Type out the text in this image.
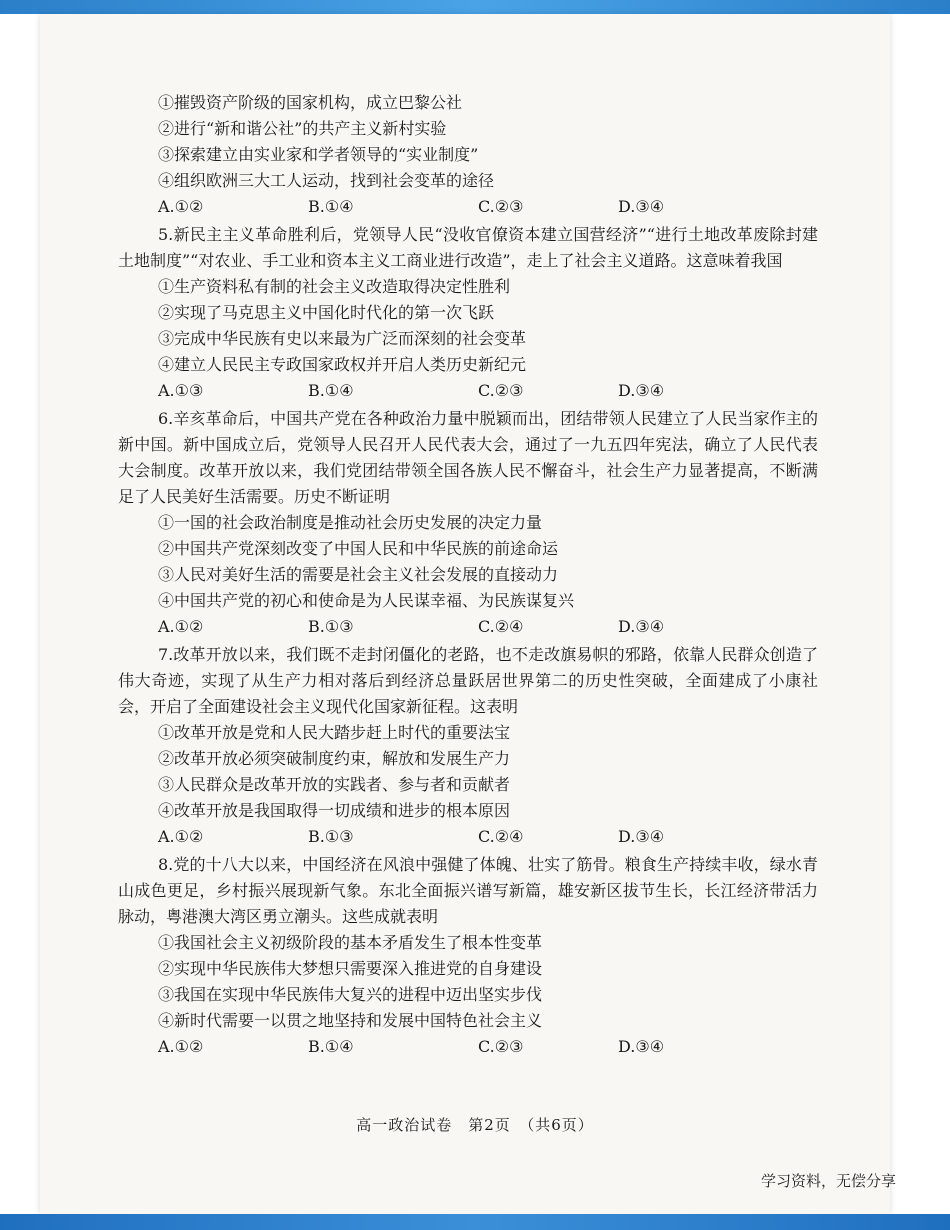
①摧毁资产阶级的国家机构，成立巴黎公社
②进行“新和谐公社”的共产主义新村实验
③探索建立由实业家和学者领导的“实业制度”
④组织欧洲三大工人运动，找到社会变革的途径
A.①②	B.①④	C.②③	D.③④
5.新民主主义革命胜利后，党领导人民“没收官僚资本建立国营经济”“进行土地改革废除封建土地制度”“对农业、手工业和资本主义工商业进行改造”，走上了社会主义道路。这意味着我国
①生产资料私有制的社会主义改造取得决定性胜利
②实现了马克思主义中国化时代化的第一次飞跃
③完成中华民族有史以来最为广泛而深刻的社会变革
④建立人民民主专政国家政权并开启人类历史新纪元
A.①③	B.①④	C.②③	D.③④
6.辛亥革命后，中国共产党在各种政治力量中脱颖而出，团结带领人民建立了人民当家作主的新中国。新中国成立后，党领导人民召开人民代表大会，通过了一九五四年宪法，确立了人民代表大会制度。改革开放以来，我们党团结带领全国各族人民不懈奋斗，社会生产力显著提高，不断满足了人民美好生活需要。历史不断证明
①一国的社会政治制度是推动社会历史发展的决定力量
②中国共产党深刻改变了中国人民和中华民族的前途命运
③人民对美好生活的需要是社会主义社会发展的直接动力
④中国共产党的初心和使命是为人民谋幸福、为民族谋复兴
A.①②	B.①③	C.②④	D.③④
7.改革开放以来，我们既不走封闭僵化的老路，也不走改旗易帜的邪路，依靠人民群众创造了伟大奇迹，实现了从生产力相对落后到经济总量跃居世界第二的历史性突破，全面建成了小康社会，开启了全面建设社会主义现代化国家新征程。这表明
①改革开放是党和人民大踏步赶上时代的重要法宝
②改革开放必须突破制度约束，解放和发展生产力
③人民群众是改革开放的实践者、参与者和贡献者
④改革开放是我国取得一切成绩和进步的根本原因
A.①②	B.①③	C.②④	D.③④
8.党的十八大以来，中国经济在风浪中强健了体魄、壮实了筋骨。粮食生产持续丰收，绿水青山成色更足，乡村振兴展现新气象。东北全面振兴谱写新篇，雄安新区拔节生长，长江经济带活力脉动，粤港澳大湾区勇立潮头。这些成就表明
①我国社会主义初级阶段的基本矛盾发生了根本性变革
②实现中华民族伟大梦想只需要深入推进党的自身建设
③我国在实现中华民族伟大复兴的进程中迈出坚实步伐
④新时代需要一以贯之地坚持和发展中国特色社会主义
A.①②	B.①④	C.②③	D.③④
高一政治试卷　第2页　（共6页）
学习资料，无偿分享
